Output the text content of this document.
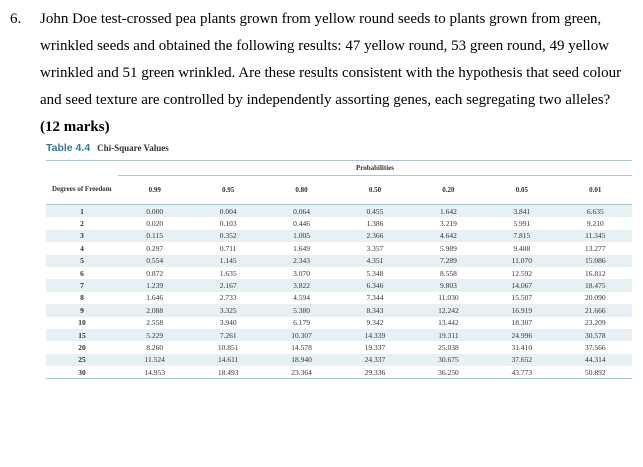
6. John Doe test-crossed pea plants grown from yellow round seeds to plants grown from green, wrinkled seeds and obtained the following results: 47 yellow round, 53 green round, 49 yellow wrinkled and 51 green wrinkled. Are these results consistent with the hypothesis that seed colour and seed texture are controlled by independently assorting genes, each segregating two alleles? (12 marks)
Table 4.4 Chi-Square Values
	Probabilities						
Degrees of Freedom	0.99	0.95	0.80	0.50	0.20	0.05	0.01
1	0.000	0.004	0.064	0.455	1.642	3.841	6.635
2	0.020	0.103	0.446	1.386	3.219	5.991	9.210
3	0.115	0.352	1.005	2.366	4.642	7.815	11.345
4	0.297	0.711	1.649	3.357	5.989	9.488	13.277
5	0.554	1.145	2.343	4.351	7.289	11.070	15.086
6	0.872	1.635	3.070	5.348	8.558	12.592	16.812
7	1.239	2.167	3.822	6.346	9.803	14.067	18.475
8	1.646	2.733	4.594	7.344	11.030	15.507	20.090
9	2.088	3.325	5.380	8.343	12.242	16.919	21.666
10	2.558	3.940	6.179	9.342	13.442	18.307	23.209
15	5.229	7.261	10.307	14.339	19.311	24.996	30.578
20	8.260	10.851	14.578	19.337	25.038	31.410	37.566
25	11.524	14.611	18.940	24.337	30.675	37.652	44.314
30	14.953	18.493	23.364	29.336	36.250	43.773	50.892
